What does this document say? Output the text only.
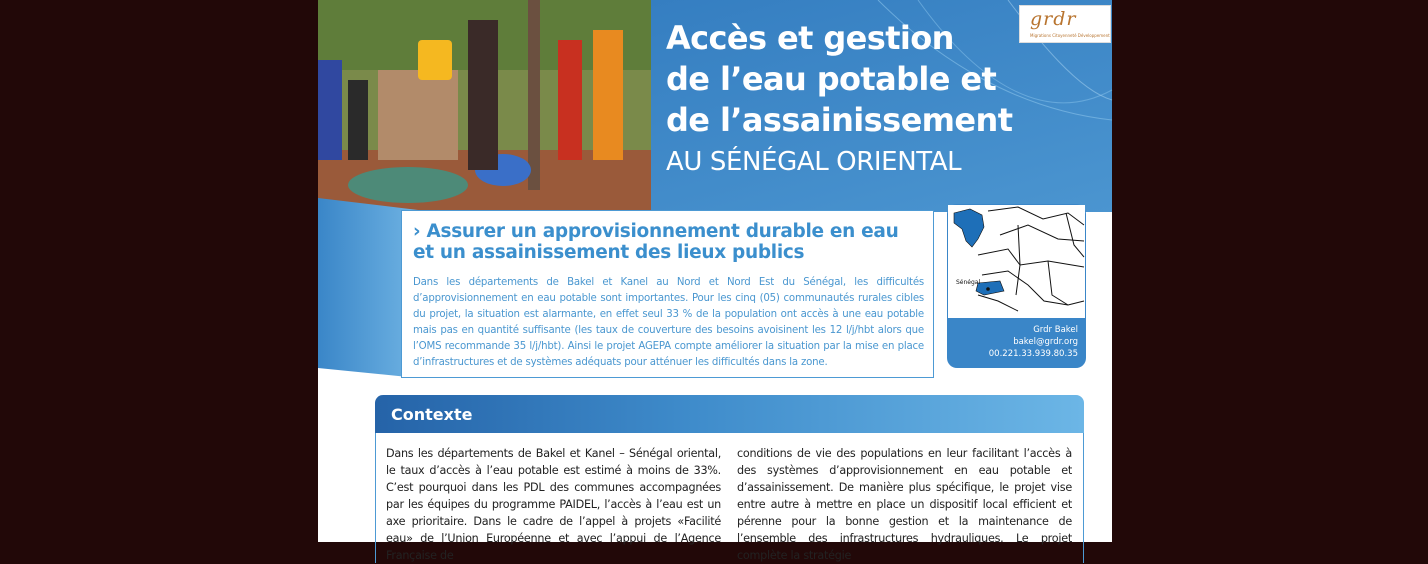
Accès et gestion
de l’eau potable et
de l’assainissement
AU SÉNÉGAL ORIENTAL
grdr
Migrations Citoyenneté Développement
› Assurer un approvisionnement durable en eau et un assainissement des lieux publics
Dans les départements de Bakel et Kanel au Nord et Nord Est du Sénégal, les difficultés d’approvisionnement en eau potable sont importantes. Pour les cinq (05) communautés rurales cibles du projet, la situation est alarmante, en effet seul 33 % de la population ont accès à une eau potable mais pas en quantité suffisante (les taux de couverture des besoins avoisinent les 12 l/j/hbt alors que l’OMS recommande 35 l/j/hbt). Ainsi le projet AGEPA compte améliorer la situation par la mise en place d’infrastructures et de systèmes adéquats pour atténuer les difficultés dans la zone.
Sénégal
Grdr Bakel
bakel@grdr.org
00.221.33.939.80.35
Contexte

Dans les départements de Bakel et Kanel – Sénégal oriental, le taux d’accès à l’eau potable est estimé à moins de 33%. C’est pourquoi dans les PDL des communes accompagnées par les équipes du programme PAIDEL, l’accès à l’eau est un axe prioritaire. Dans le cadre de l’appel à projets «Facilité eau» de l’Union Européenne et avec l’appui de l’Agence Française de

conditions de vie des populations en leur facilitant l’accès à des systèmes d’approvisionnement en eau potable et d’assainissement. De manière plus spécifique, le projet vise entre autre à mettre en place un dispositif local efficient et pérenne pour la bonne gestion et la maintenance de l’ensemble des infrastructures hydrauliques. Le projet complète la stratégie
